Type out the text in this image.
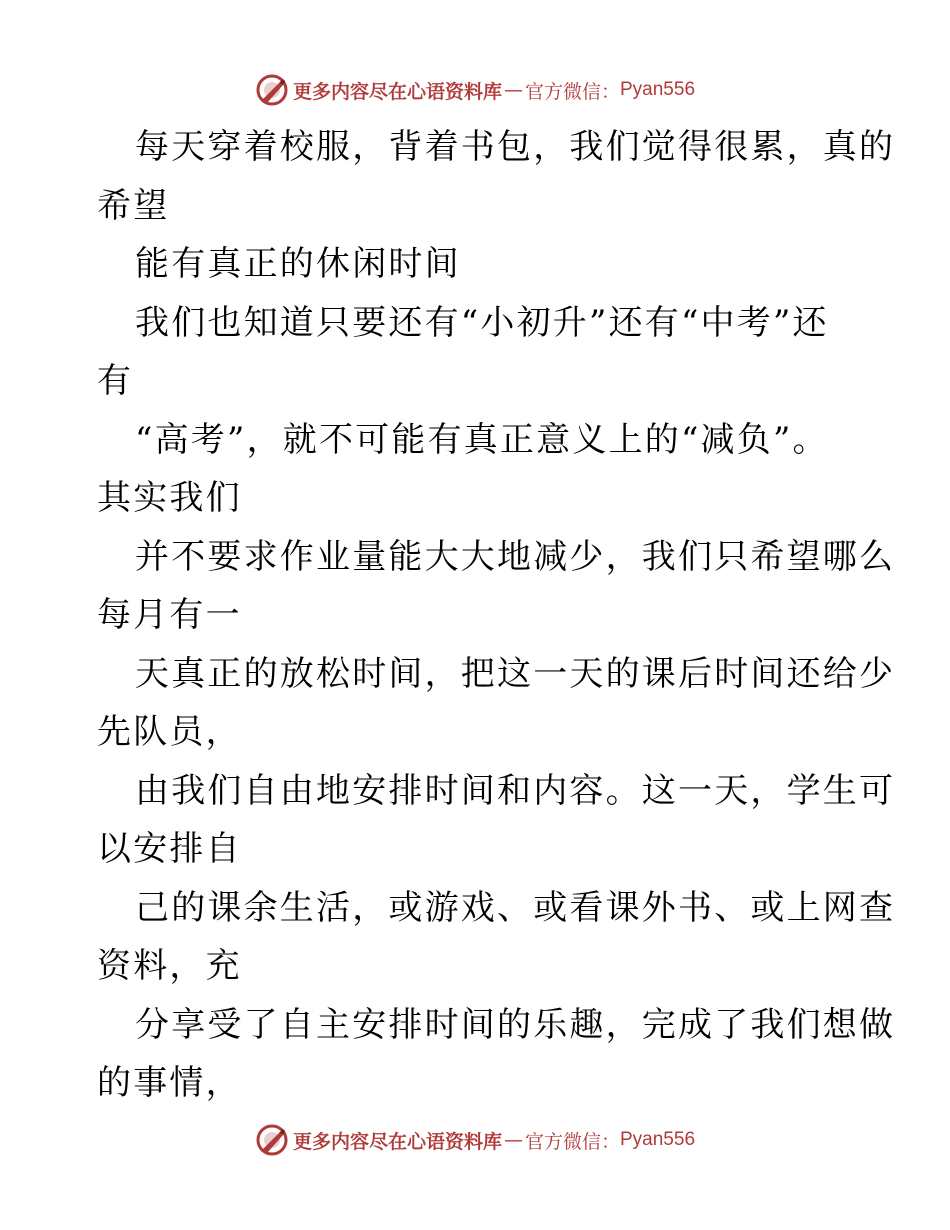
更多内容尽在心语资料库 — 官方微信： Pyan556
每天穿着校服，背着书包，我们觉得很累，真的
希望
能有真正的休闲时间
我们也知道只要还有“小初升”还有“中考”还
有
“高考”，就不可能有真正意义上的“减负”。
其实我们
并不要求作业量能大大地减少，我们只希望哪么
每月有一
天真正的放松时间，把这一天的课后时间还给少
先队员，
由我们自由地安排时间和内容。这一天，学生可
以安排自
己的课余生活，或游戏、或看课外书、或上网查
资料，充
分享受了自主安排时间的乐趣，完成了我们想做
的事情，
更多内容尽在心语资料库 — 官方微信： Pyan556
